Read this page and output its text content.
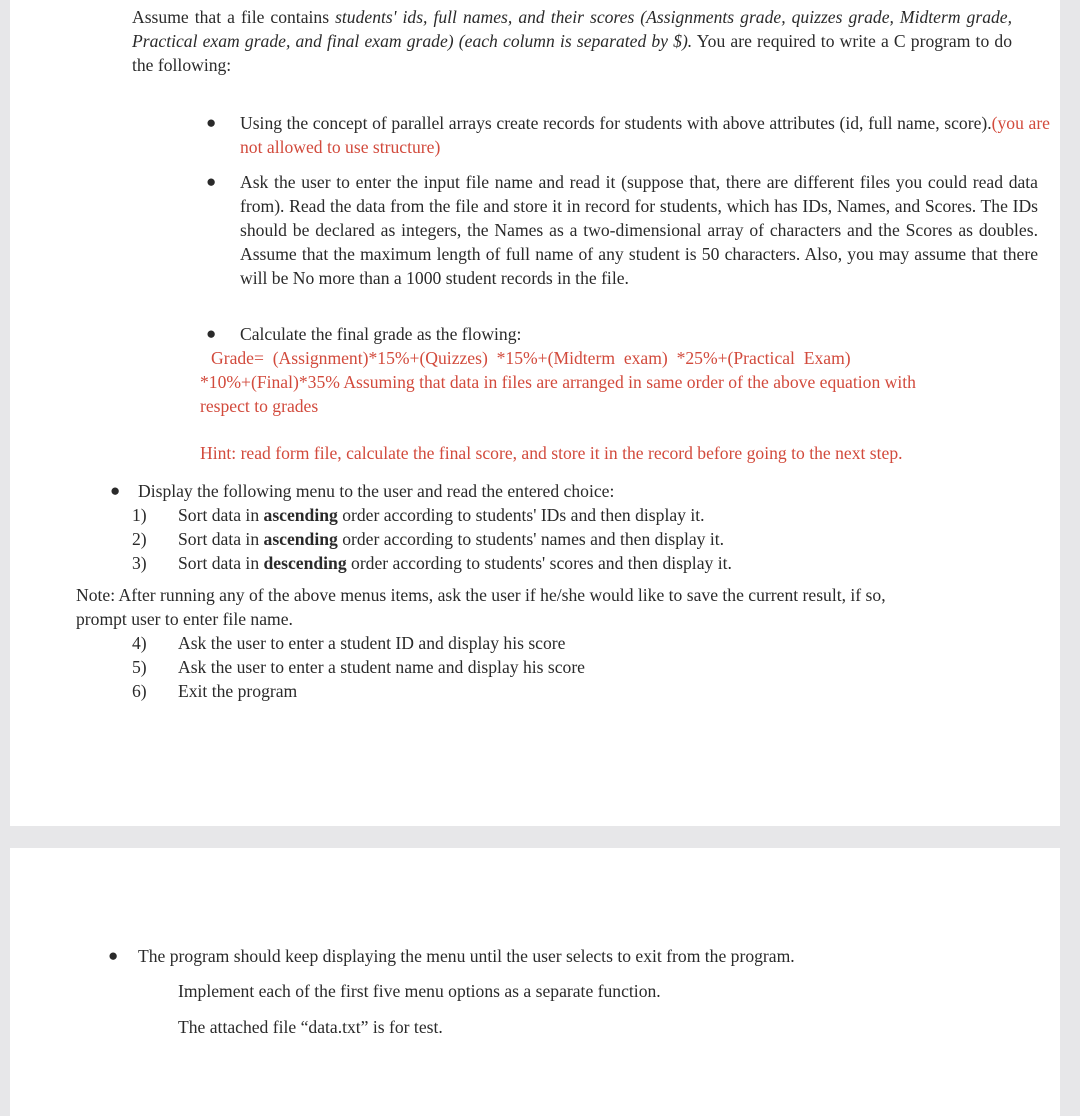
Assume that a file contains students' ids, full names, and their scores (Assignments grade, quizzes grade, Midterm grade, Practical exam grade, and final exam grade) (each column is separated by $). You are required to write a C program to do the following:

● Using the concept of parallel arrays create records for students with above attributes (id, full name, score).(you are not allowed to use structure)

● Ask the user to enter the input file name and read it (suppose that, there are different files you could read data from). Read the data from the file and store it in record for students, which has IDs, Names, and Scores. The IDs should be declared as integers, the Names as a two-dimensional array of characters and the Scores as doubles. Assume that the maximum length of full name of any student is 50 characters. Also, you may assume that there will be No more than a 1000 student records in the file.

● Calculate the final grade as the flowing:

Grade=  (Assignment)*15%+(Quizzes)  *15%+(Midterm  exam)  *25%+(Practical  Exam)

*10%+(Final)*35% Assuming that data in files are arranged in same order of the above equation with

respect to grades

Hint: read form file, calculate the final score, and store it in the record before going to the next step.

● Display the following menu to the user and read the entered choice:

1) Sort data in ascending order according to students' IDs and then display it.

2) Sort data in ascending order according to students' names and then display it.

3) Sort data in descending order according to students' scores and then display it.

Note: After running any of the above menus items, ask the user if he/she would like to save the current result, if so,

prompt user to enter file name.

4) Ask the user to enter a student ID and display his score

5) Ask the user to enter a student name and display his score

6) Exit the program

● The program should keep displaying the menu until the user selects to exit from the program.

Implement each of the first five menu options as a separate function.

The attached file “data.txt” is for test.
